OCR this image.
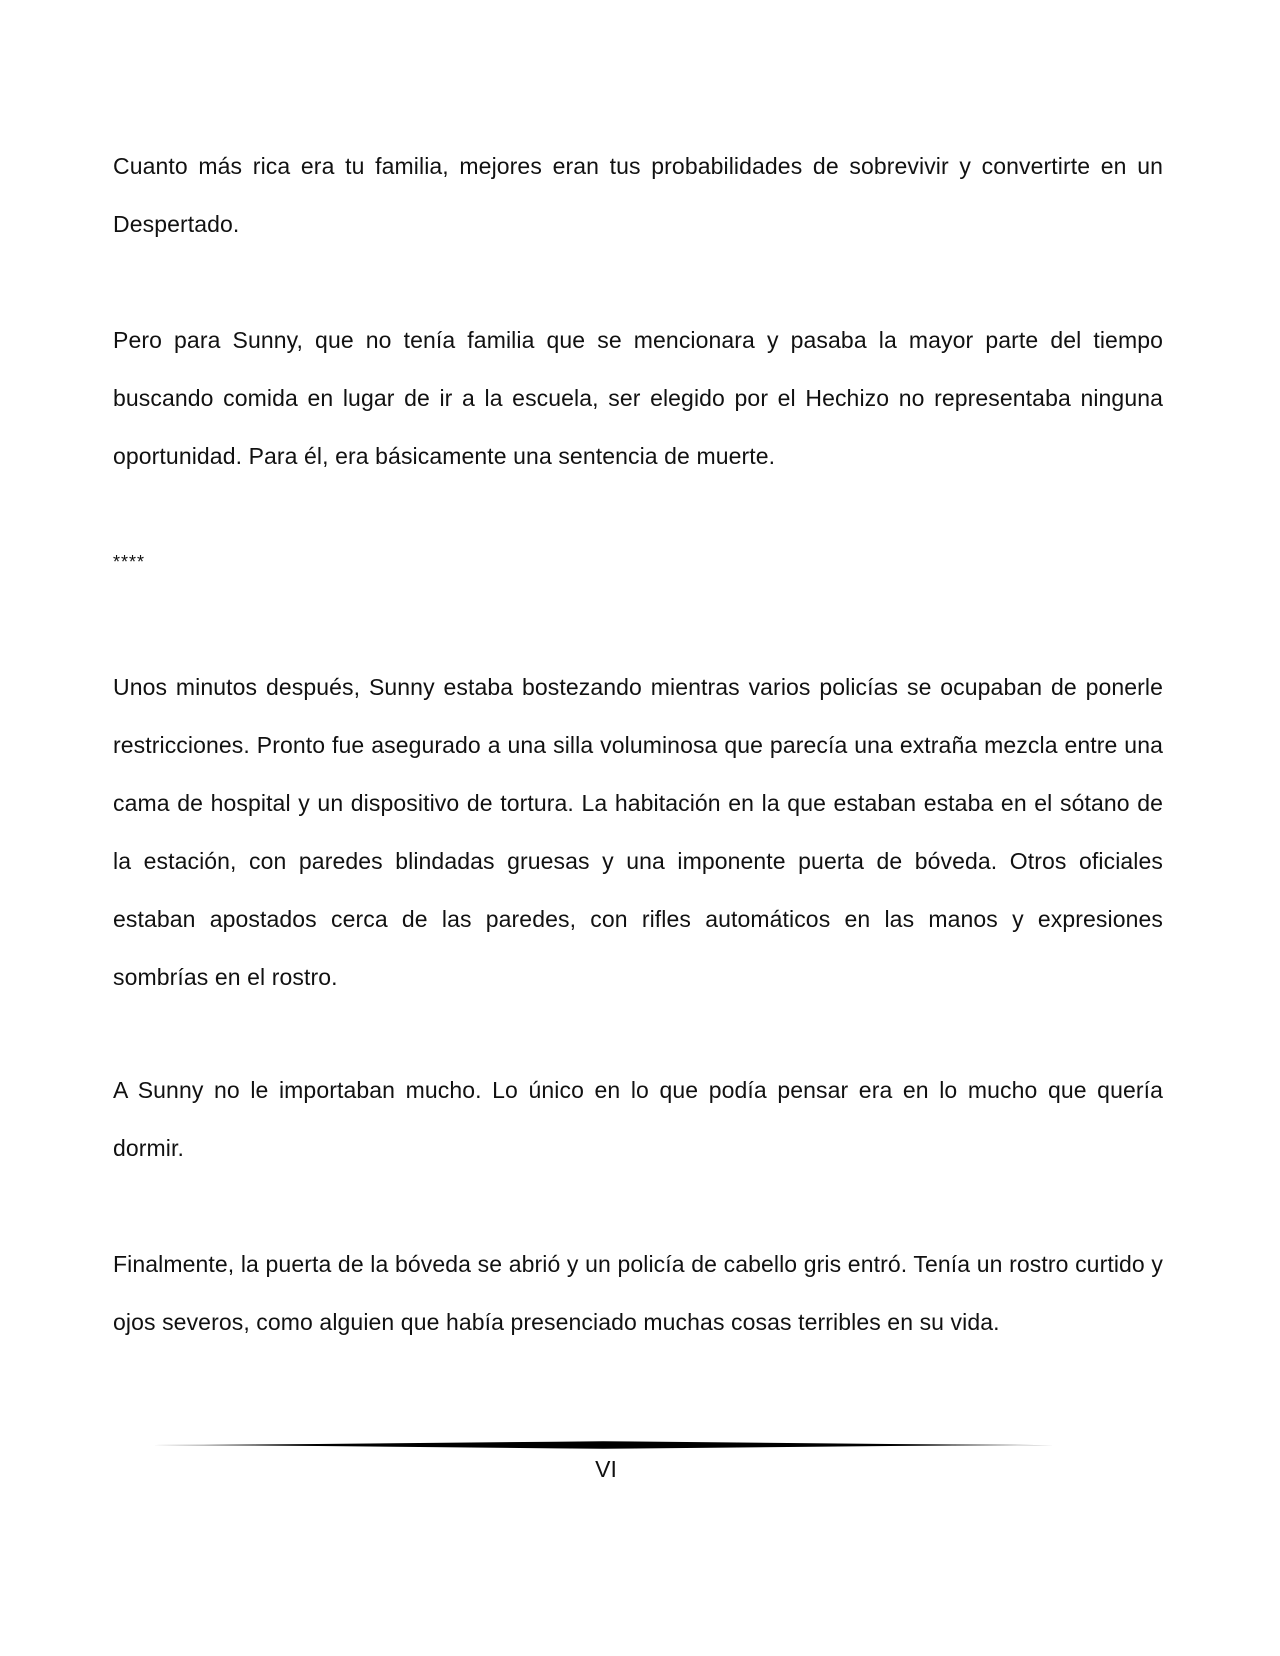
Cuanto más rica era tu familia, mejores eran tus probabilidades de sobrevivir y convertirte en un Despertado.

Pero para Sunny, que no tenía familia que se mencionara y pasaba la mayor parte del tiempo buscando comida en lugar de ir a la escuela, ser elegido por el Hechizo no representaba ninguna oportunidad. Para él, era básicamente una sentencia de muerte.

****

Unos minutos después, Sunny estaba bostezando mientras varios policías se ocupaban de ponerle restricciones. Pronto fue asegurado a una silla voluminosa que parecía una extraña mezcla entre una cama de hospital y un dispositivo de tortura. La habitación en la que estaban estaba en el sótano de la estación, con paredes blindadas gruesas y una imponente puerta de bóveda. Otros oficiales estaban apostados cerca de las paredes, con rifles automáticos en las manos y expresiones sombrías en el rostro.

A Sunny no le importaban mucho. Lo único en lo que podía pensar era en lo mucho que quería dormir.

Finalmente, la puerta de la bóveda se abrió y un policía de cabello gris entró. Tenía un rostro curtido y ojos severos, como alguien que había presenciado muchas cosas terribles en su vida.

VI
